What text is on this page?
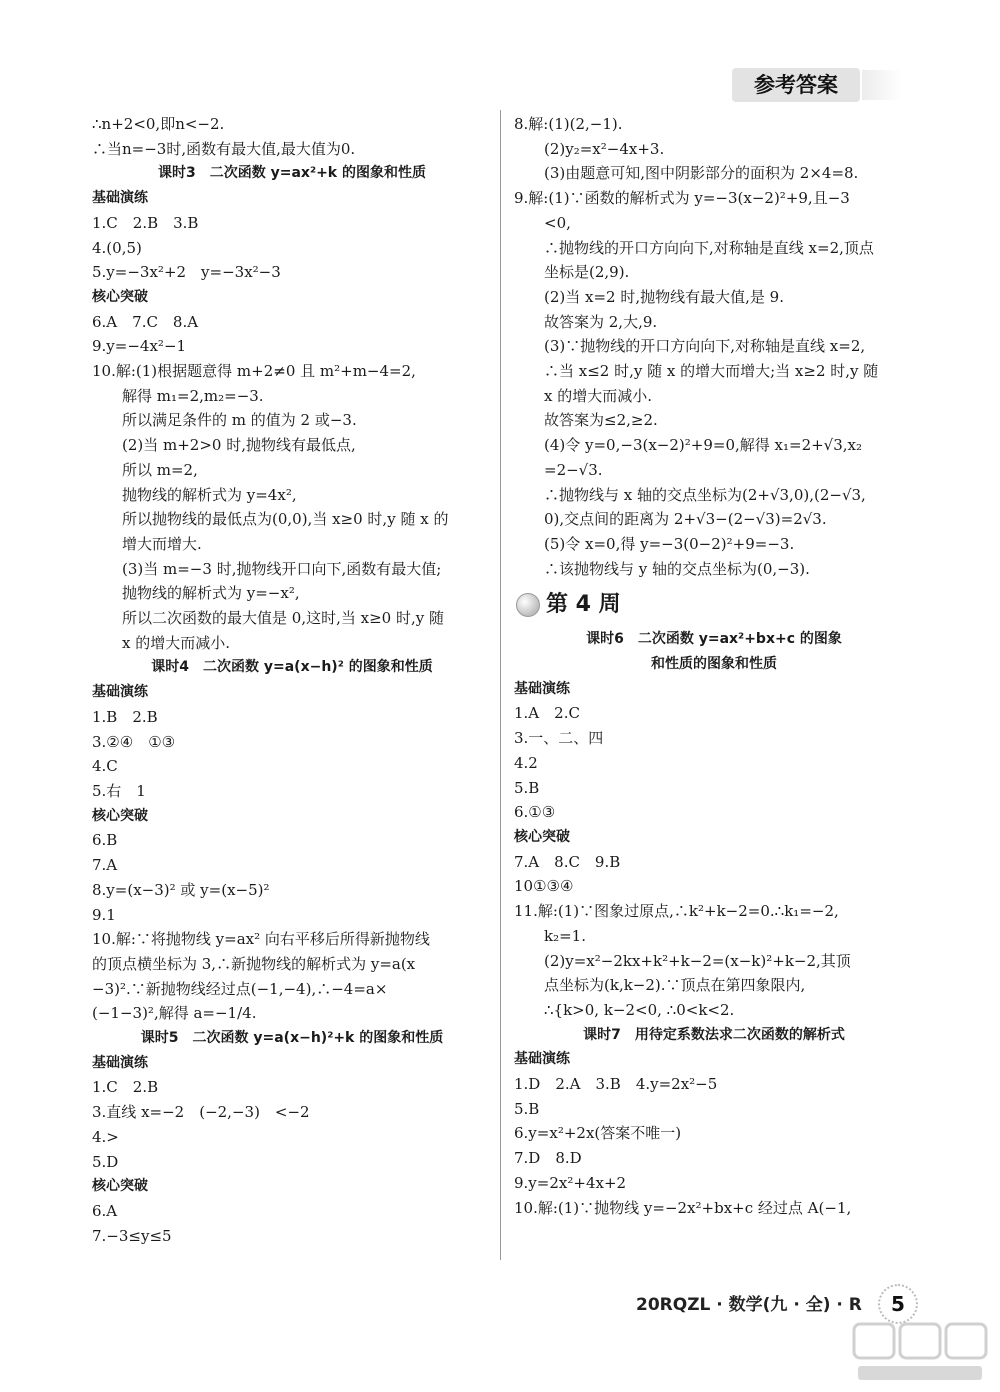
参考答案
∴n+2<0,即n<−2.
∴当n=−3时,函数有最大值,最大值为0.
课时3　二次函数 y=ax²+k 的图象和性质
基础演练
1.C　2.B　3.B
4.(0,5)
5.y=−3x²+2　y=−3x²−3
核心突破
6.A　7.C　8.A
9.y=−4x²−1
10.解:(1)根据题意得 m+2≠0 且 m²+m−4=2,
解得 m₁=2,m₂=−3.
所以满足条件的 m 的值为 2 或−3.
(2)当 m+2>0 时,抛物线有最低点,
所以 m=2,
抛物线的解析式为 y=4x²,
所以抛物线的最低点为(0,0),当 x≥0 时,y 随 x 的
增大而增大.
(3)当 m=−3 时,抛物线开口向下,函数有最大值;
抛物线的解析式为 y=−x²,
所以二次函数的最大值是 0,这时,当 x≥0 时,y 随
x 的增大而减小.
课时4　二次函数 y=a(x−h)² 的图象和性质
基础演练
1.B　2.B
3.②④　①③
4.C
5.右　1
核心突破
6.B
7.A
8.y=(x−3)² 或 y=(x−5)²
9.1
10.解:∵将抛物线 y=ax² 向右平移后所得新抛物线
的顶点横坐标为 3,∴新抛物线的解析式为 y=a(x
−3)².∵新抛物线经过点(−1,−4),∴−4=a×
(−1−3)²,解得 a=−1/4.
课时5　二次函数 y=a(x−h)²+k 的图象和性质
基础演练
1.C　2.B
3.直线 x=−2　(−2,−3)　<−2
4.>
5.D
核心突破
6.A
7.−3≤y≤5
8.解:(1)(2,−1).
(2)y₂=x²−4x+3.
(3)由题意可知,图中阴影部分的面积为 2×4=8.
9.解:(1)∵函数的解析式为 y=−3(x−2)²+9,且−3
<0,
∴抛物线的开口方向向下,对称轴是直线 x=2,顶点
坐标是(2,9).
(2)当 x=2 时,抛物线有最大值,是 9.
故答案为 2,大,9.
(3)∵抛物线的开口方向向下,对称轴是直线 x=2,
∴当 x≤2 时,y 随 x 的增大而增大;当 x≥2 时,y 随
x 的增大而减小.
故答案为≤2,≥2.
(4)令 y=0,−3(x−2)²+9=0,解得 x₁=2+√3,x₂
=2−√3.
∴抛物线与 x 轴的交点坐标为(2+√3,0),(2−√3,
0),交点间的距离为 2+√3−(2−√3)=2√3.
(5)令 x=0,得 y=−3(0−2)²+9=−3.
∴该抛物线与 y 轴的交点坐标为(0,−3).
第 4 周
课时6　二次函数 y=ax²+bx+c 的图象
和性质的图象和性质
基础演练
1.A　2.C
3.一、二、四
4.2
5.B
6.①③
核心突破
7.A　8.C　9.B
10①③④
11.解:(1)∵图象过原点,∴k²+k−2=0.∴k₁=−2,
k₂=1.
(2)y=x²−2kx+k²+k−2=(x−k)²+k−2,其顶
点坐标为(k,k−2).∵顶点在第四象限内,
∴{k>0, k−2<0, ∴0<k<2.
课时7　用待定系数法求二次函数的解析式
基础演练
1.D　2.A　3.B　4.y=2x²−5
5.B
6.y=x²+2x(答案不唯一)
7.D　8.D
9.y=2x²+4x+2
10.解:(1)∵抛物线 y=−2x²+bx+c 经过点 A(−1,
20RQZL · 数学(九 · 全) · R	5
